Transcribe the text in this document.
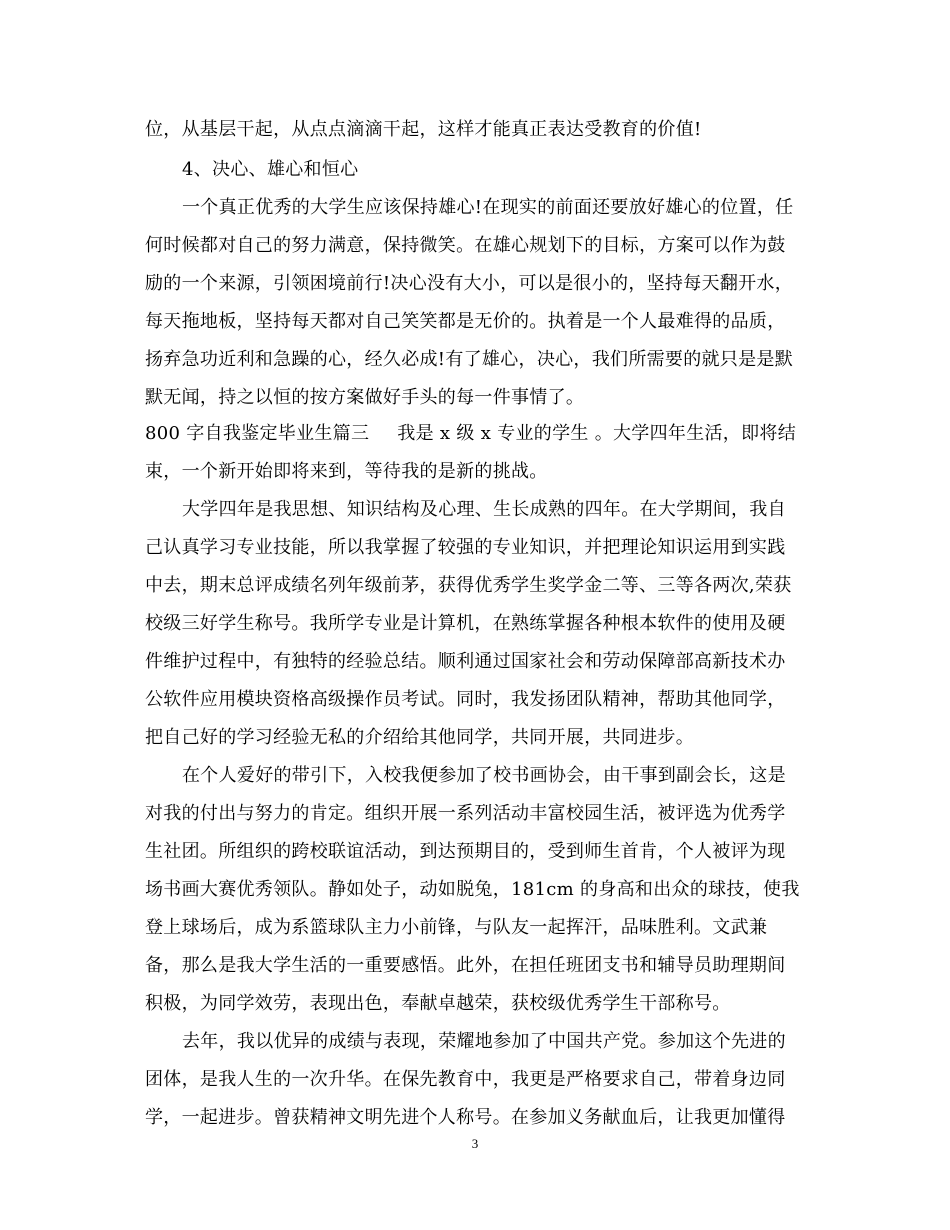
位，从基层干起，从点点滴滴干起，这样才能真正表达受教育的价值!
4、决心、雄心和恒心
一个真正优秀的大学生应该保持雄心!在现实的前面还要放好雄心的位置，任
何时候都对自己的努力满意，保持微笑。在雄心规划下的目标，方案可以作为鼓
励的一个来源，引领困境前行!决心没有大小，可以是很小的，坚持每天翻开水，
每天拖地板，坚持每天都对自己笑笑都是无价的。执着是一个人最难得的品质，
扬弃急功近利和急躁的心，经久必成!有了雄心，决心，我们所需要的就只是是默
默无闻，持之以恒的按方案做好手头的每一件事情了。
800 字自我鉴定毕业生篇三 我是 x 级 x 专业的学生 。大学四年生活，即将结
束，一个新开始即将来到，等待我的是新的挑战。
大学四年是我思想、知识结构及心理、生长成熟的四年。在大学期间，我自
己认真学习专业技能，所以我掌握了较强的专业知识，并把理论知识运用到实践
中去，期末总评成绩名列年级前茅，获得优秀学生奖学金二等、三等各两次,荣获
校级三好学生称号。我所学专业是计算机，在熟练掌握各种根本软件的使用及硬
件维护过程中，有独特的经验总结。顺利通过国家社会和劳动保障部高新技术办
公软件应用模块资格高级操作员考试。同时，我发扬团队精神，帮助其他同学，
把自己好的学习经验无私的介绍给其他同学，共同开展，共同进步。
在个人爱好的带引下，入校我便参加了校书画协会，由干事到副会长，这是
对我的付出与努力的肯定。组织开展一系列活动丰富校园生活，被评选为优秀学
生社团。所组织的跨校联谊活动，到达预期目的，受到师生首肯，个人被评为现
场书画大赛优秀领队。静如处子，动如脱兔，181cm 的身高和出众的球技，使我
登上球场后，成为系篮球队主力小前锋，与队友一起挥汗，品味胜利。文武兼
备，那么是我大学生活的一重要感悟。此外，在担任班团支书和辅导员助理期间
积极，为同学效劳，表现出色，奉献卓越荣，获校级优秀学生干部称号。
去年，我以优异的成绩与表现，荣耀地参加了中国共产党。参加这个先进的
团体，是我人生的一次升华。在保先教育中，我更是严格要求自己，带着身边同
学，一起进步。曾获精神文明先进个人称号。在参加义务献血后，让我更加懂得
3
